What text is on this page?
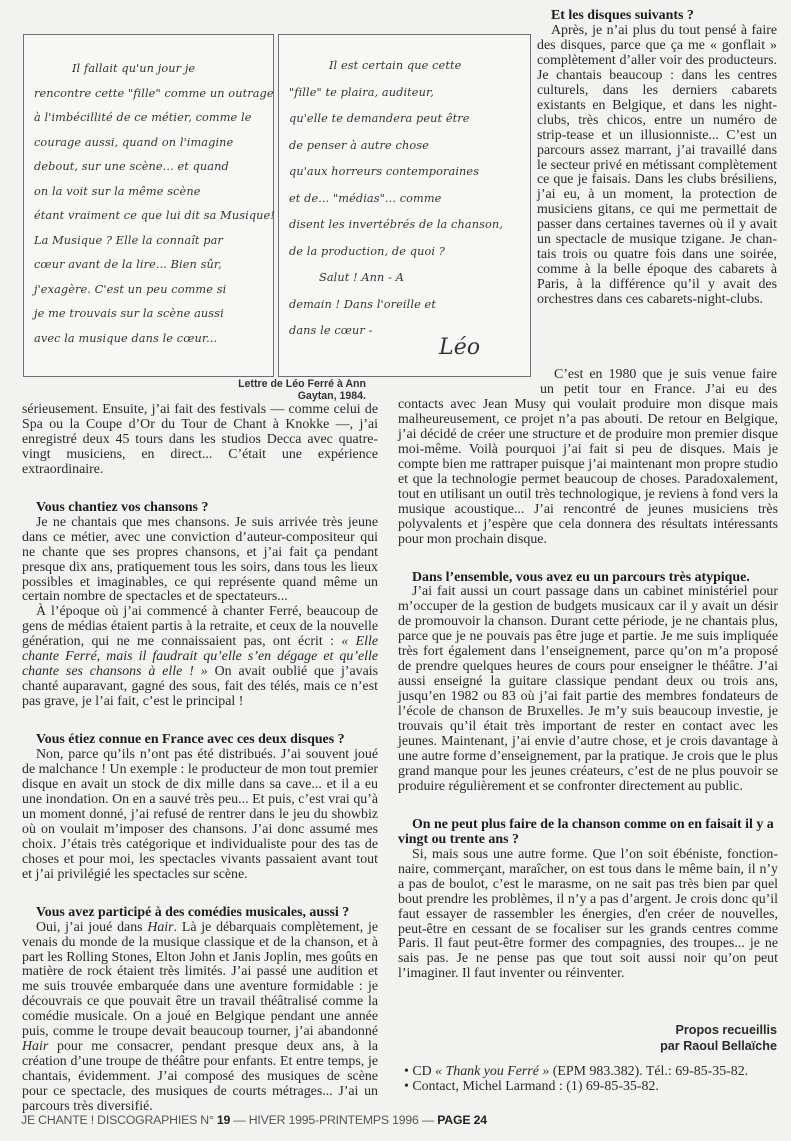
Il fallait qu'un jour je
rencontre cette "fille" comme un outrage
à l'imbécillité de ce métier, comme le
courage aussi, quand on l'imagine
debout, sur une scène... et quand
on la voit sur la même scène
étant vraiment ce que lui dit sa Musique!
La Musique ? Elle la connaît par
cœur avant de la lire... Bien sûr,
j'exagère. C'est un peu comme si
je me trouvais sur la scène aussi
avec la musique dans le cœur...
Il est certain que cette
"fille" te plaira, auditeur,
qu'elle te demandera peut être
de penser à autre chose
qu'aux horreurs contemporaines
et de... "médias"... comme
disent les invertébrés de la chanson,
de la production, de quoi ?
Salut ! Ann - A
demain ! Dans l'oreille et
dans le cœur -
Léo
Lettre de Léo Ferré à Ann Gaytan, 1984.
Et les disques suivants ?

Après, je n’ai plus du tout pensé à faire des disques, parce que ça me « gonflait » complètement d’aller voir des producteurs. Je chantais beaucoup : dans les centres culturels, dans les derniers cabarets existants en Belgique, et dans les night-clubs, très chicos, entre un numéro de strip-tease et un illusionniste... C’est un parcours assez marrant, j’ai travaillé dans le secteur privé en métissant complètement ce que je faisais. Dans les clubs brésiliens, j’ai eu, à un moment, la protection de musiciens gitans, ce qui me permettait de passer dans certaines tavernes où il y avait un spectacle de musique tzigane. Je chantais trois ou quatre fois dans une soirée, comme à la belle époque des cabarets à Paris, à la différence qu’il y avait des orchestres dans ces cabarets-night-clubs.

C’est en 1980 que je suis venue faire
un petit tour en France. J’ai eu des

sérieusement. Ensuite, j’ai fait des festivals — comme celui de Spa ou la Coupe d’Or du Tour de Chant à Knokke —, j’ai enregistré deux 45 tours dans les studios Decca avec quatre-vingt musiciens, en direct... C’était une expérience extraordinaire.

Vous chantiez vos chansons ?

Je ne chantais que mes chansons. Je suis arrivée très jeune dans ce métier, avec une conviction d’auteur-compositeur qui ne chante que ses propres chansons, et j’ai fait ça pendant presque dix ans, pratiquement tous les soirs, dans tous les lieux possibles et imaginables, ce qui représente quand même un certain nombre de spectacles et de spectateurs...

À l’époque où j’ai commencé à chanter Ferré, beaucoup de gens de médias étaient partis à la retraite, et ceux de la nouvelle génération, qui ne me connaissaient pas, ont écrit : « Elle chante Ferré, mais il faudrait qu’elle s’en dégage et qu’elle chante ses chansons à elle ! » On avait oublié que j’avais chanté auparavant, gagné des sous, fait des télés, mais ce n’est pas grave, je l’ai fait, c’est le principal !

Vous étiez connue en France avec ces deux disques ?

Non, parce qu’ils n’ont pas été distribués. J’ai souvent joué de malchance ! Un exemple : le producteur de mon tout premier disque en avait un stock de dix mille dans sa cave... et il a eu une inondation. On en a sauvé très peu... Et puis, c’est vrai qu’à un moment donné, j’ai refusé de rentrer dans le jeu du showbiz où on voulait m’imposer des chansons. J’ai donc assumé mes choix. J’étais très catégorique et individualiste pour des tas de choses et pour moi, les spectacles vivants passaient avant tout et j’ai privilégié les spectacles sur scène.

Vous avez participé à des comédies musicales, aussi ?

Oui, j’ai joué dans Hair. Là je débarquais complètement, je venais du monde de la musique classique et de la chanson, et à part les Rolling Stones, Elton John et Janis Joplin, mes goûts en matière de rock étaient très limités. J’ai passé une audition et me suis trouvée embarquée dans une aventure formidable : je découvrais ce que pouvait être un travail théâtralisé comme la comédie musicale. On a joué en Belgique pendant une année puis, comme le troupe devait beaucoup tourner, j’ai abandonné Hair pour me consacrer, pendant presque deux ans, à la création d’une troupe de théâtre pour enfants. Et entre temps, je chantais, évidemment. J’ai composé des musiques de scène pour ce spectacle, des musiques de courts métrages... J’ai un parcours très diversifié.

contacts avec Jean Musy qui voulait produire mon disque mais malheureusement, ce projet n’a pas abouti. De retour en Belgique, j’ai décidé de créer une structure et de produire mon premier disque moi-même. Voilà pourquoi j’ai fait si peu de disques. Mais je compte bien me rattraper puisque j’ai maintenant mon propre studio et que la technologie permet beaucoup de choses. Paradoxalement, tout en utilisant un outil très technologique, je reviens à fond vers la musique acoustique... J’ai rencontré de jeunes musiciens très polyvalents et j’espère que cela donnera des résultats intéressants pour mon prochain disque.

Dans l’ensemble, vous avez eu un parcours très atypique.

J’ai fait aussi un court passage dans un cabinet ministériel pour m’occuper de la gestion de budgets musicaux car il y avait un désir de promouvoir la chanson. Durant cette période, je ne chantais plus, parce que je ne pouvais pas être juge et partie. Je me suis impliquée très fort également dans l’enseignement, parce qu’on m’a proposé de prendre quelques heures de cours pour enseigner le théâtre. J’ai aussi enseigné la guitare classique pendant deux ou trois ans, jusqu’en 1982 ou 83 où j’ai fait partie des membres fondateurs de l’école de chanson de Bruxelles. Je m’y suis beaucoup investie, je trouvais qu’il était très important de rester en contact avec les jeunes. Maintenant, j’ai envie d’autre chose, et je crois davantage à une autre forme d’enseignement, par la pratique. Je crois que le plus grand manque pour les jeunes créateurs, c’est de ne plus pouvoir se produire régulièrement et se confronter directement au public.

On ne peut plus faire de la chanson comme on en faisait il y a vingt ou trente ans ?

Si, mais sous une autre forme. Que l’on soit ébéniste, fonctionnaire, commerçant, maraîcher, on est tous dans le même bain, il n’y a pas de boulot, c’est le marasme, on ne sait pas très bien par quel bout prendre les problèmes, il n’y a pas d’argent. Je crois donc qu’il faut essayer de rassembler les énergies, d'en créer de nouvelles, peut-être en cessant de se focaliser sur les grands centres comme Paris. Il faut peut-être former des compagnies, des troupes... je ne sais pas. Je ne pense pas que tout soit aussi noir qu’on peut l’imaginer. Il faut inventer ou réinventer.

Propos recueillis
par Raoul Bellaïche
• CD « Thank you Ferré » (EPM 983.382). Tél.: 69-85-35-82.
• Contact, Michel Larmand : (1) 69-85-35-82.
JE CHANTE ! DISCOGRAPHIES N° 19 — HIVER 1995-PRINTEMPS 1996 — PAGE 24
